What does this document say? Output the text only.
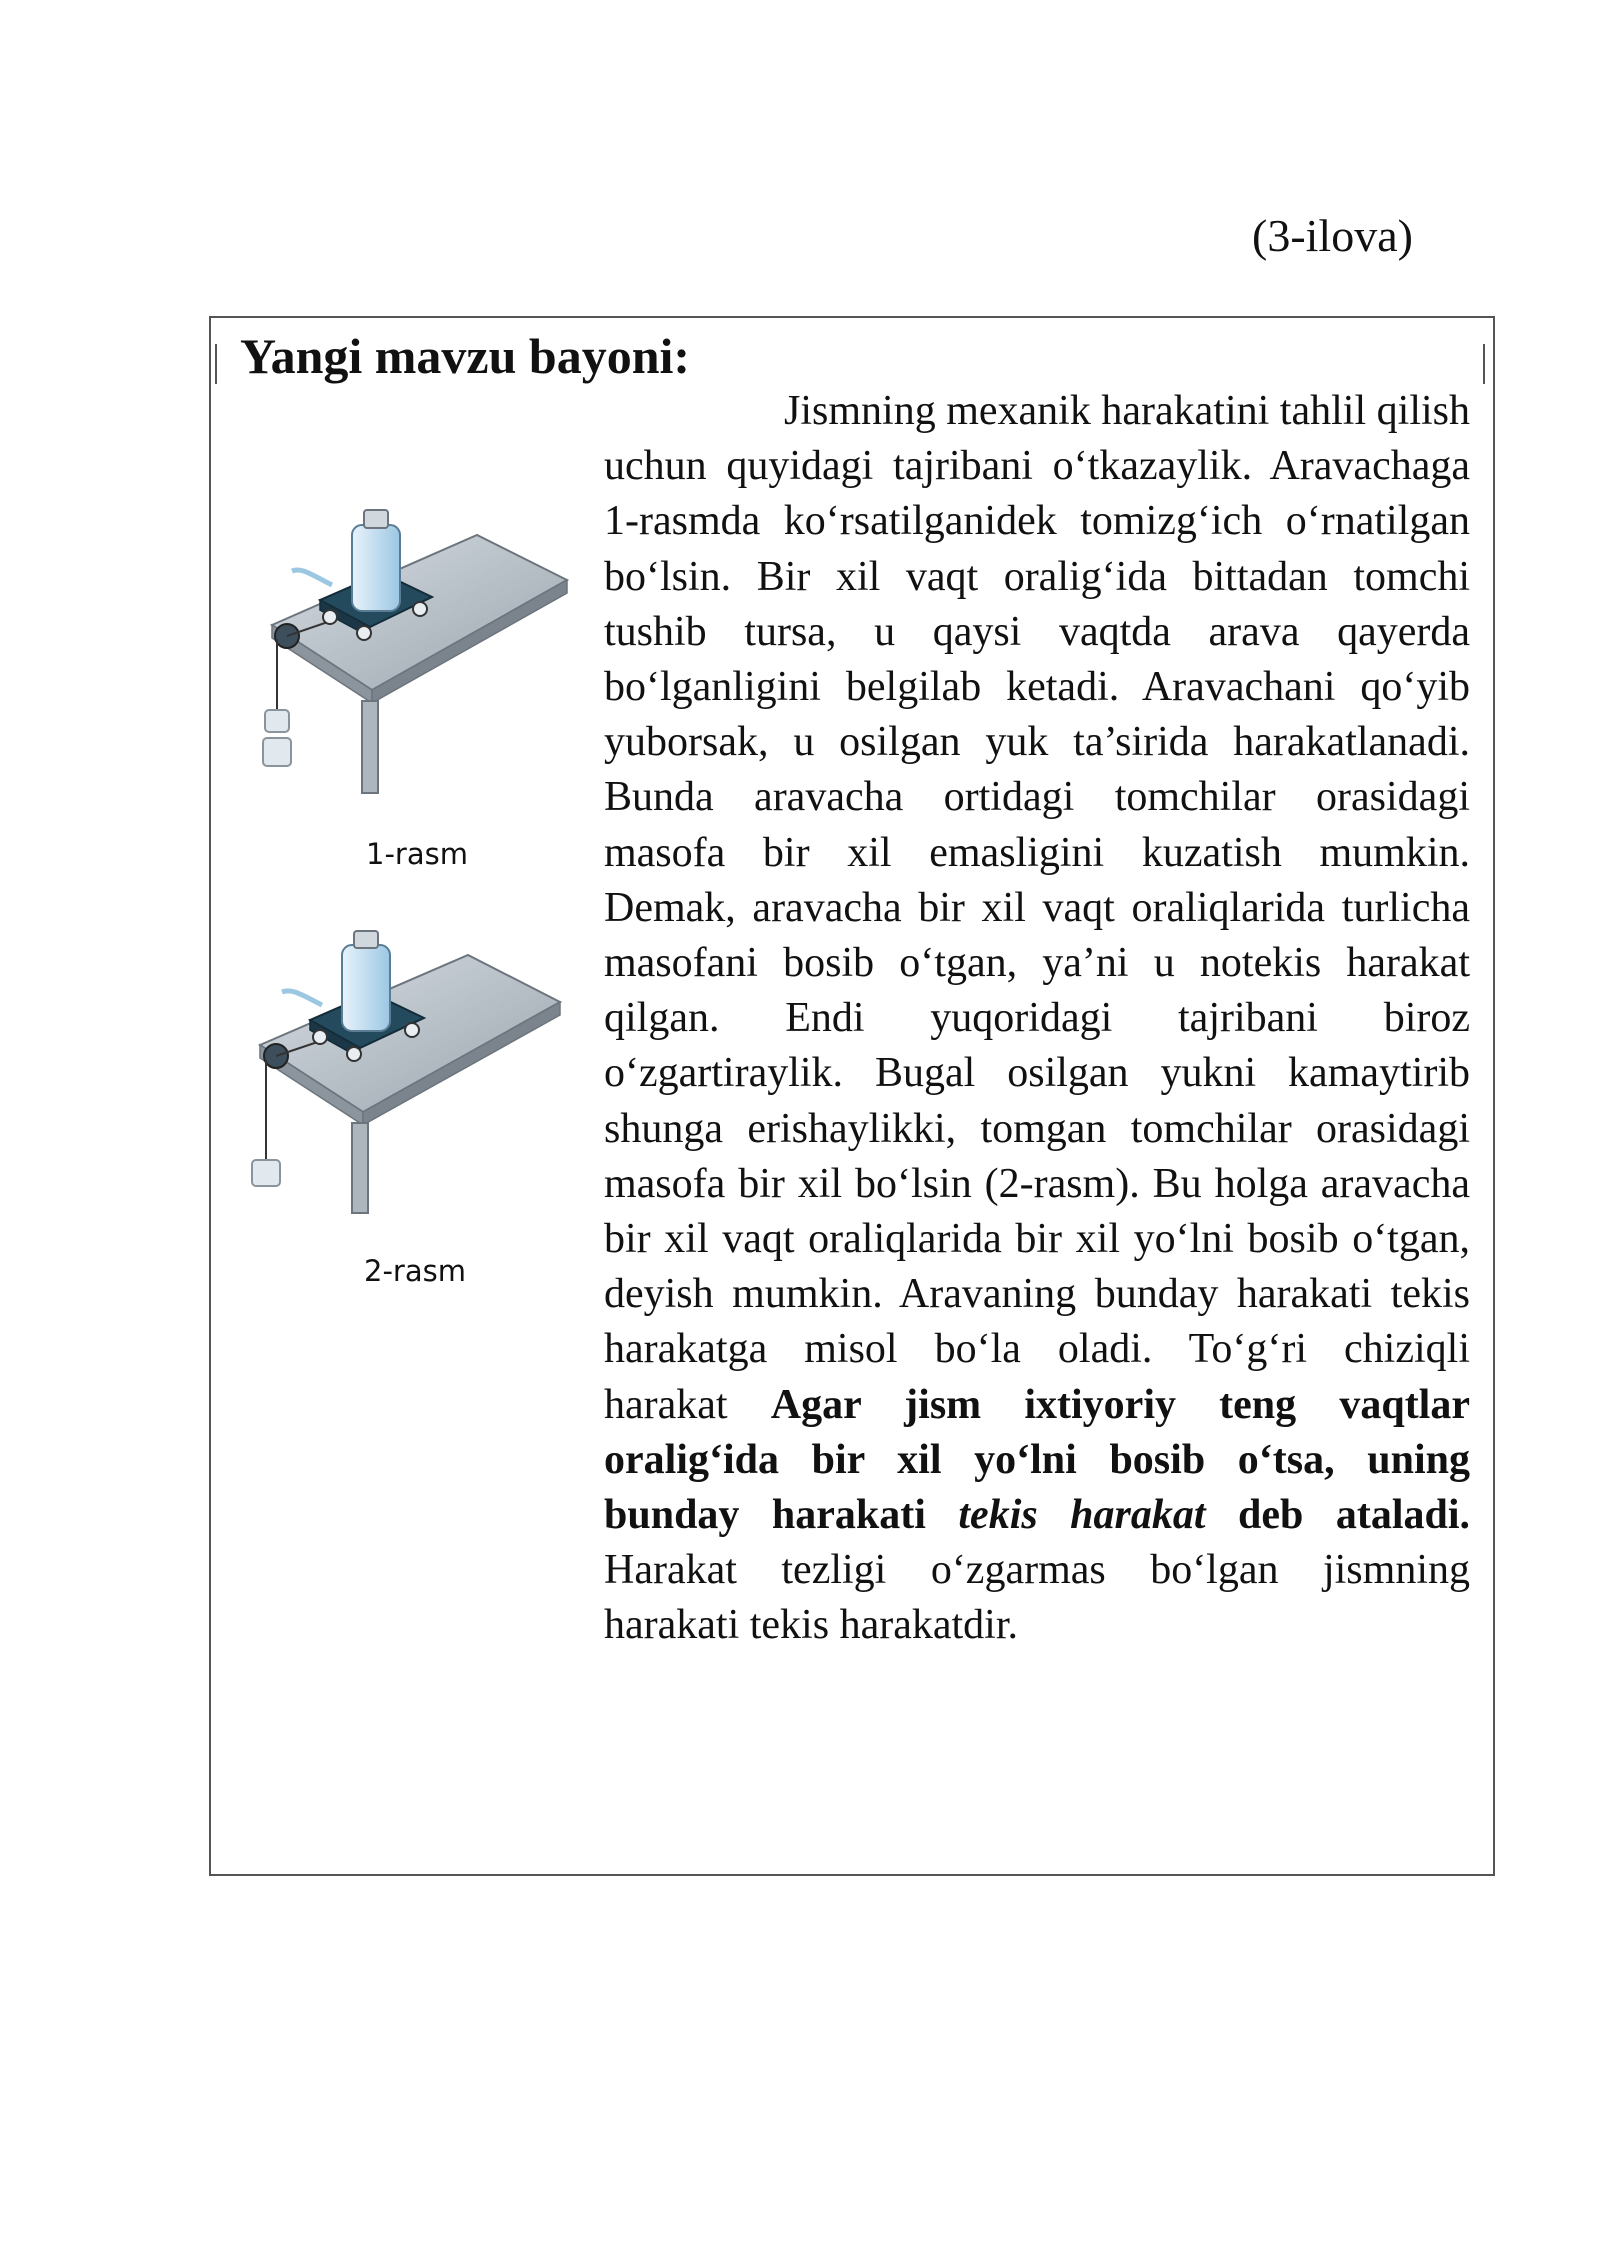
(3-ilova)
Yangi mavzu bayoni:
1-rasm
2-rasm
Jismning mexanik harakatini tahlil qilish uchun quyidagi tajribani o‘tkazaylik. Aravachaga 1-rasmda ko‘rsatilganidek tomizg‘ich o‘rnatilgan bo‘lsin. Bir xil vaqt oralig‘ida bittadan tomchi tushib tursa, u qaysi vaqtda arava qayerda bo‘lganligini belgilab ketadi. Aravachani qo‘yib yuborsak, u osilgan yuk ta’sirida harakatlanadi. Bunda aravacha ortidagi tomchilar orasidagi masofa bir xil emasligini kuzatish mumkin. Demak, aravacha bir xil vaqt oraliqlarida turlicha masofani bosib o‘tgan, ya’ni u notekis harakat qilgan. Endi yuqoridagi tajribani biroz o‘zgartiraylik. Bugal osilgan yukni kamaytirib shunga erishaylikki, tomgan tomchilar orasidagi masofa bir xil bo‘lsin (2-rasm). Bu holga aravacha bir xil vaqt oraliqlarida bir xil yo‘lni bosib o‘tgan, deyish mumkin. Aravaning bunday harakati tekis harakatga misol bo‘la oladi. To‘g‘ri chiziqli harakat Agar jism ixtiyoriy teng vaqtlar oralig‘ida bir xil yo‘lni bosib o‘tsa, uning bunday harakati tekis harakat deb ataladi. Harakat tezligi o‘zgarmas bo‘lgan jismning harakati tekis harakatdir.
